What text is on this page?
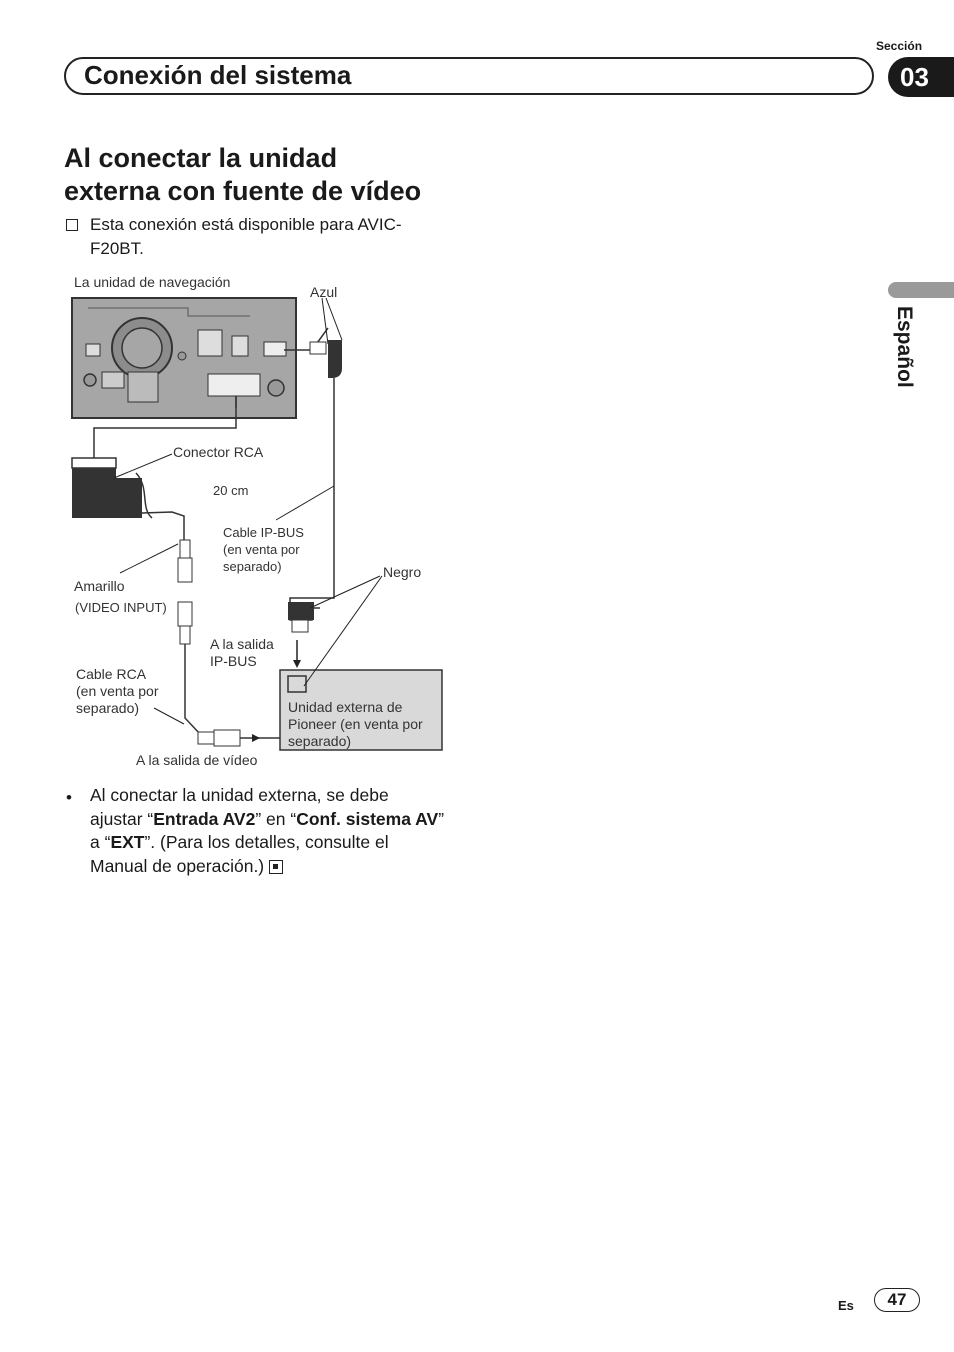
Sección
Conexión del sistema	03
Español
Al conectar la unidad
externa con fuente de vídeo
Esta conexión está disponible para AVIC-F20BT.
La unidad de navegación
Azul
Conector RCA
20 cm
Cable IP-BUS
(en venta por
separado)	Negro
Amarillo
(VIDEO INPUT)
A la salida
IP-BUS
Cable RCA
(en venta por
separado)	Unidad externa de
Pioneer (en venta por
separado)
A la salida de vídeo
• Al conectar la unidad externa, se debe ajustar “Entrada AV2” en “Conf. sistema AV” a “EXT”. (Para los detalles, consulte el Manual de operación.)
Es	47
